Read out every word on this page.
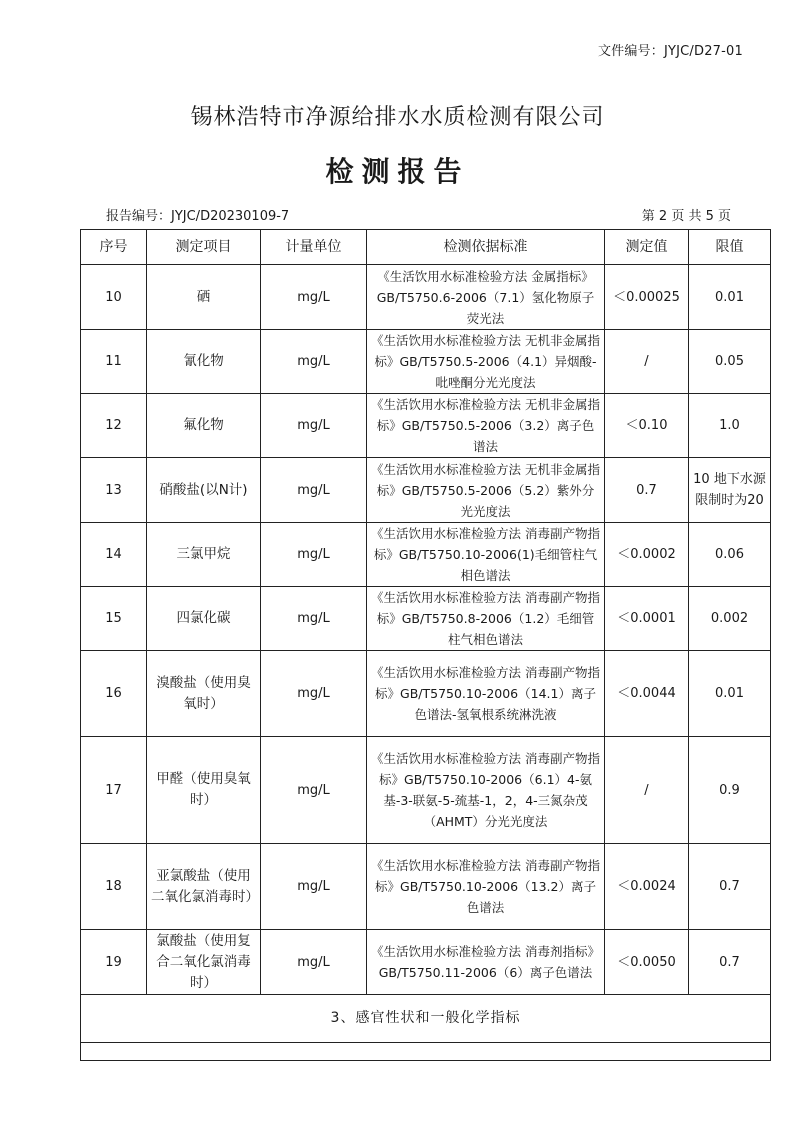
文件编号：JYJC/D27-01
锡林浩特市净源给排水水质检测有限公司
检测报告
报告编号：JYJC/D20230109-7	第 2 页 共 5 页
序号	测定项目	计量单位	检测依据标准	测定值	限值
10	硒	mg/L	《生活饮用水标准检验方法 金属指标》 GB/T5750.6-2006（7.1）氢化物原子荧光法	＜0.00025	0.01
11	氰化物	mg/L	《生活饮用水标准检验方法 无机非金属指标》GB/T5750.5-2006（4.1）异烟酸-吡唑酮分光光度法	/	0.05
12	氟化物	mg/L	《生活饮用水标准检验方法 无机非金属指标》GB/T5750.5-2006（3.2）离子色谱法	＜0.10	1.0
13	硝酸盐(以N计)	mg/L	《生活饮用水标准检验方法 无机非金属指标》GB/T5750.5-2006（5.2）紫外分光光度法	0.7	10 地下水源限制时为20
14	三氯甲烷	mg/L	《生活饮用水标准检验方法 消毒副产物指标》GB/T5750.10-2006(1)毛细管柱气相色谱法	＜0.0002	0.06
15	四氯化碳	mg/L	《生活饮用水标准检验方法 消毒副产物指标》GB/T5750.8-2006（1.2）毛细管柱气相色谱法	＜0.0001	0.002
16	溴酸盐（使用臭氧时）	mg/L	《生活饮用水标准检验方法 消毒副产物指标》GB/T5750.10-2006（14.1）离子色谱法-氢氧根系统淋洗液	＜0.0044	0.01
17	甲醛（使用臭氧时）	mg/L	《生活饮用水标准检验方法 消毒副产物指标》GB/T5750.10-2006（6.1）4-氨基-3-联氨-5-巯基-1，2，4-三氮杂茂（AHMT）分光光度法	/	0.9
18	亚氯酸盐（使用二氧化氯消毒时）	mg/L	《生活饮用水标准检验方法 消毒副产物指标》GB/T5750.10-2006（13.2）离子色谱法	＜0.0024	0.7
19	氯酸盐（使用复合二氧化氯消毒时）	mg/L	《生活饮用水标准检验方法 消毒剂指标》GB/T5750.11-2006（6）离子色谱法	＜0.0050	0.7
3、感官性状和一般化学指标					
